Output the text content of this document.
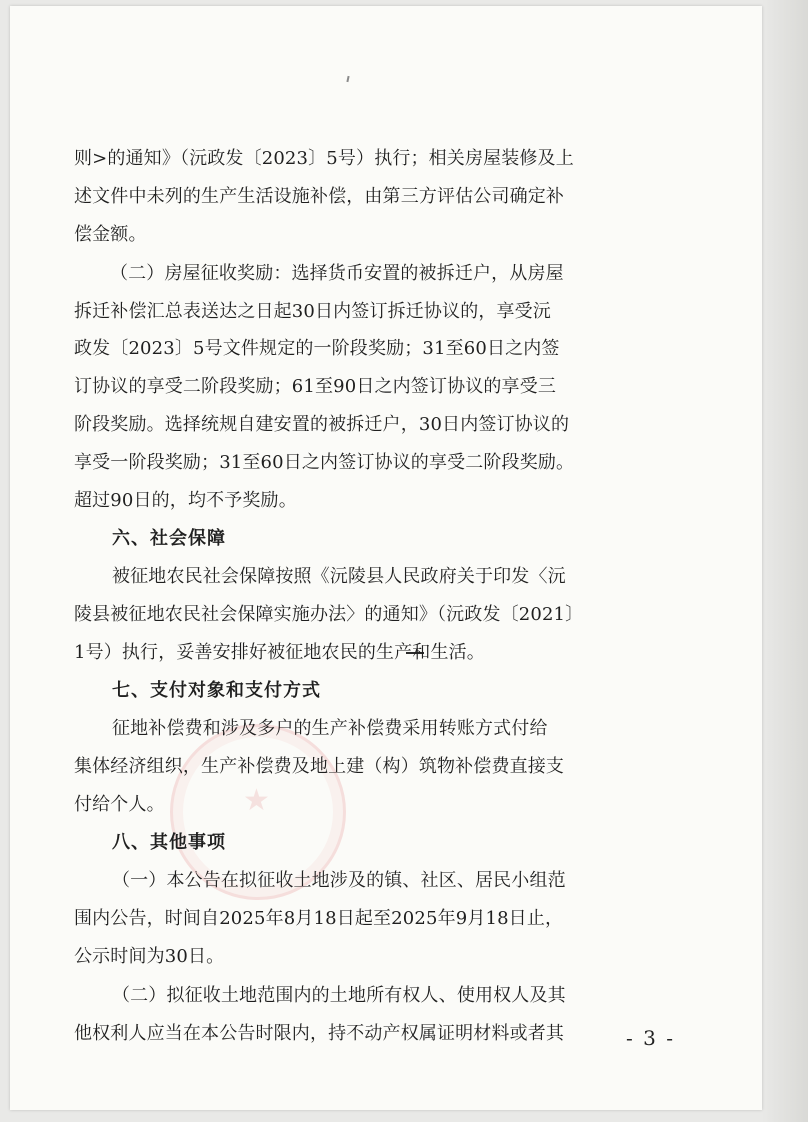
★
则>的通知》（沅政发〔2023〕5号）执行；相关房屋装修及上
述文件中未列的生产生活设施补偿，由第三方评估公司确定补
偿金额。
（二）房屋征收奖励：选择货币安置的被拆迁户，从房屋
拆迁补偿汇总表送达之日起30日内签订拆迁协议的，享受沅
政发〔2023〕5号文件规定的一阶段奖励；31至60日之内签
订协议的享受二阶段奖励；61至90日之内签订协议的享受三
阶段奖励。选择统规自建安置的被拆迁户，30日内签订协议的
享受一阶段奖励；31至60日之内签订协议的享受二阶段奖励。
超过90日的，均不予奖励。
六、社会保障
被征地农民社会保障按照《沅陵县人民政府关于印发〈沅
陵县被征地农民社会保障实施办法〉的通知》（沅政发〔2021〕
1号）执行，妥善安排好被征地农民的生产和生活。
七、支付对象和支付方式
征地补偿费和涉及多户的生产补偿费采用转账方式付给
集体经济组织，生产补偿费及地上建（构）筑物补偿费直接支
付给个人。
八、其他事项
（一）本公告在拟征收土地涉及的镇、社区、居民小组范
围内公告，时间自2025年8月18日起至2025年9月18日止，
公示时间为30日。
（二）拟征收土地范围内的土地所有权人、使用权人及其
他权利人应当在本公告时限内，持不动产权属证明材料或者其	- 3 -
